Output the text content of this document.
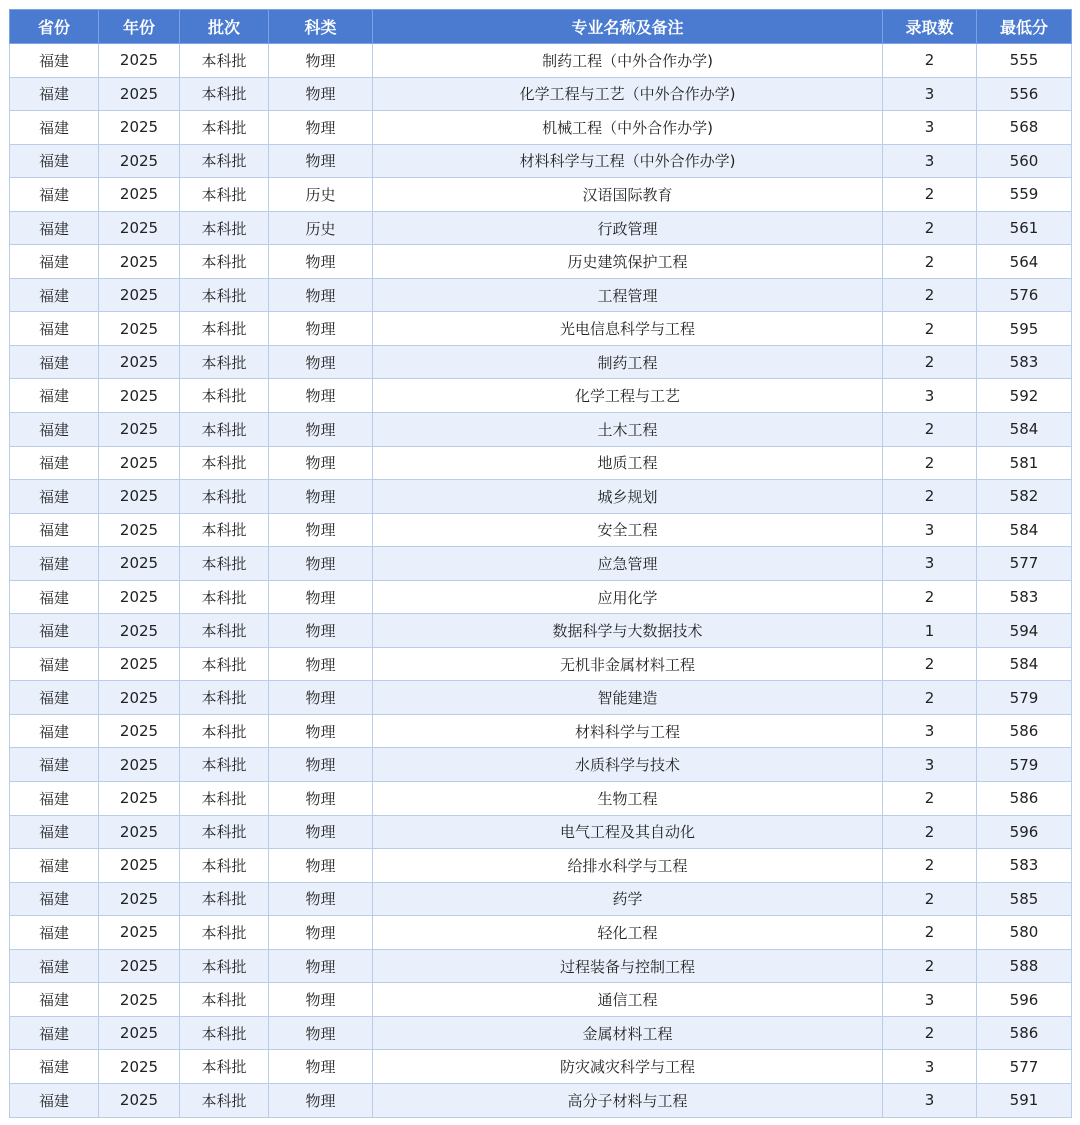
省份	年份	批次	科类	专业名称及备注	录取数	最低分
福建	2025	本科批	物理	制药工程（中外合作办学)	2	555
福建	2025	本科批	物理	化学工程与工艺（中外合作办学)	3	556
福建	2025	本科批	物理	机械工程（中外合作办学)	3	568
福建	2025	本科批	物理	材料科学与工程（中外合作办学)	3	560
福建	2025	本科批	历史	汉语国际教育	2	559
福建	2025	本科批	历史	行政管理	2	561
福建	2025	本科批	物理	历史建筑保护工程	2	564
福建	2025	本科批	物理	工程管理	2	576
福建	2025	本科批	物理	光电信息科学与工程	2	595
福建	2025	本科批	物理	制药工程	2	583
福建	2025	本科批	物理	化学工程与工艺	3	592
福建	2025	本科批	物理	土木工程	2	584
福建	2025	本科批	物理	地质工程	2	581
福建	2025	本科批	物理	城乡规划	2	582
福建	2025	本科批	物理	安全工程	3	584
福建	2025	本科批	物理	应急管理	3	577
福建	2025	本科批	物理	应用化学	2	583
福建	2025	本科批	物理	数据科学与大数据技术	1	594
福建	2025	本科批	物理	无机非金属材料工程	2	584
福建	2025	本科批	物理	智能建造	2	579
福建	2025	本科批	物理	材料科学与工程	3	586
福建	2025	本科批	物理	水质科学与技术	3	579
福建	2025	本科批	物理	生物工程	2	586
福建	2025	本科批	物理	电气工程及其自动化	2	596
福建	2025	本科批	物理	给排水科学与工程	2	583
福建	2025	本科批	物理	药学	2	585
福建	2025	本科批	物理	轻化工程	2	580
福建	2025	本科批	物理	过程装备与控制工程	2	588
福建	2025	本科批	物理	通信工程	3	596
福建	2025	本科批	物理	金属材料工程	2	586
福建	2025	本科批	物理	防灾减灾科学与工程	3	577
福建	2025	本科批	物理	高分子材料与工程	3	591
